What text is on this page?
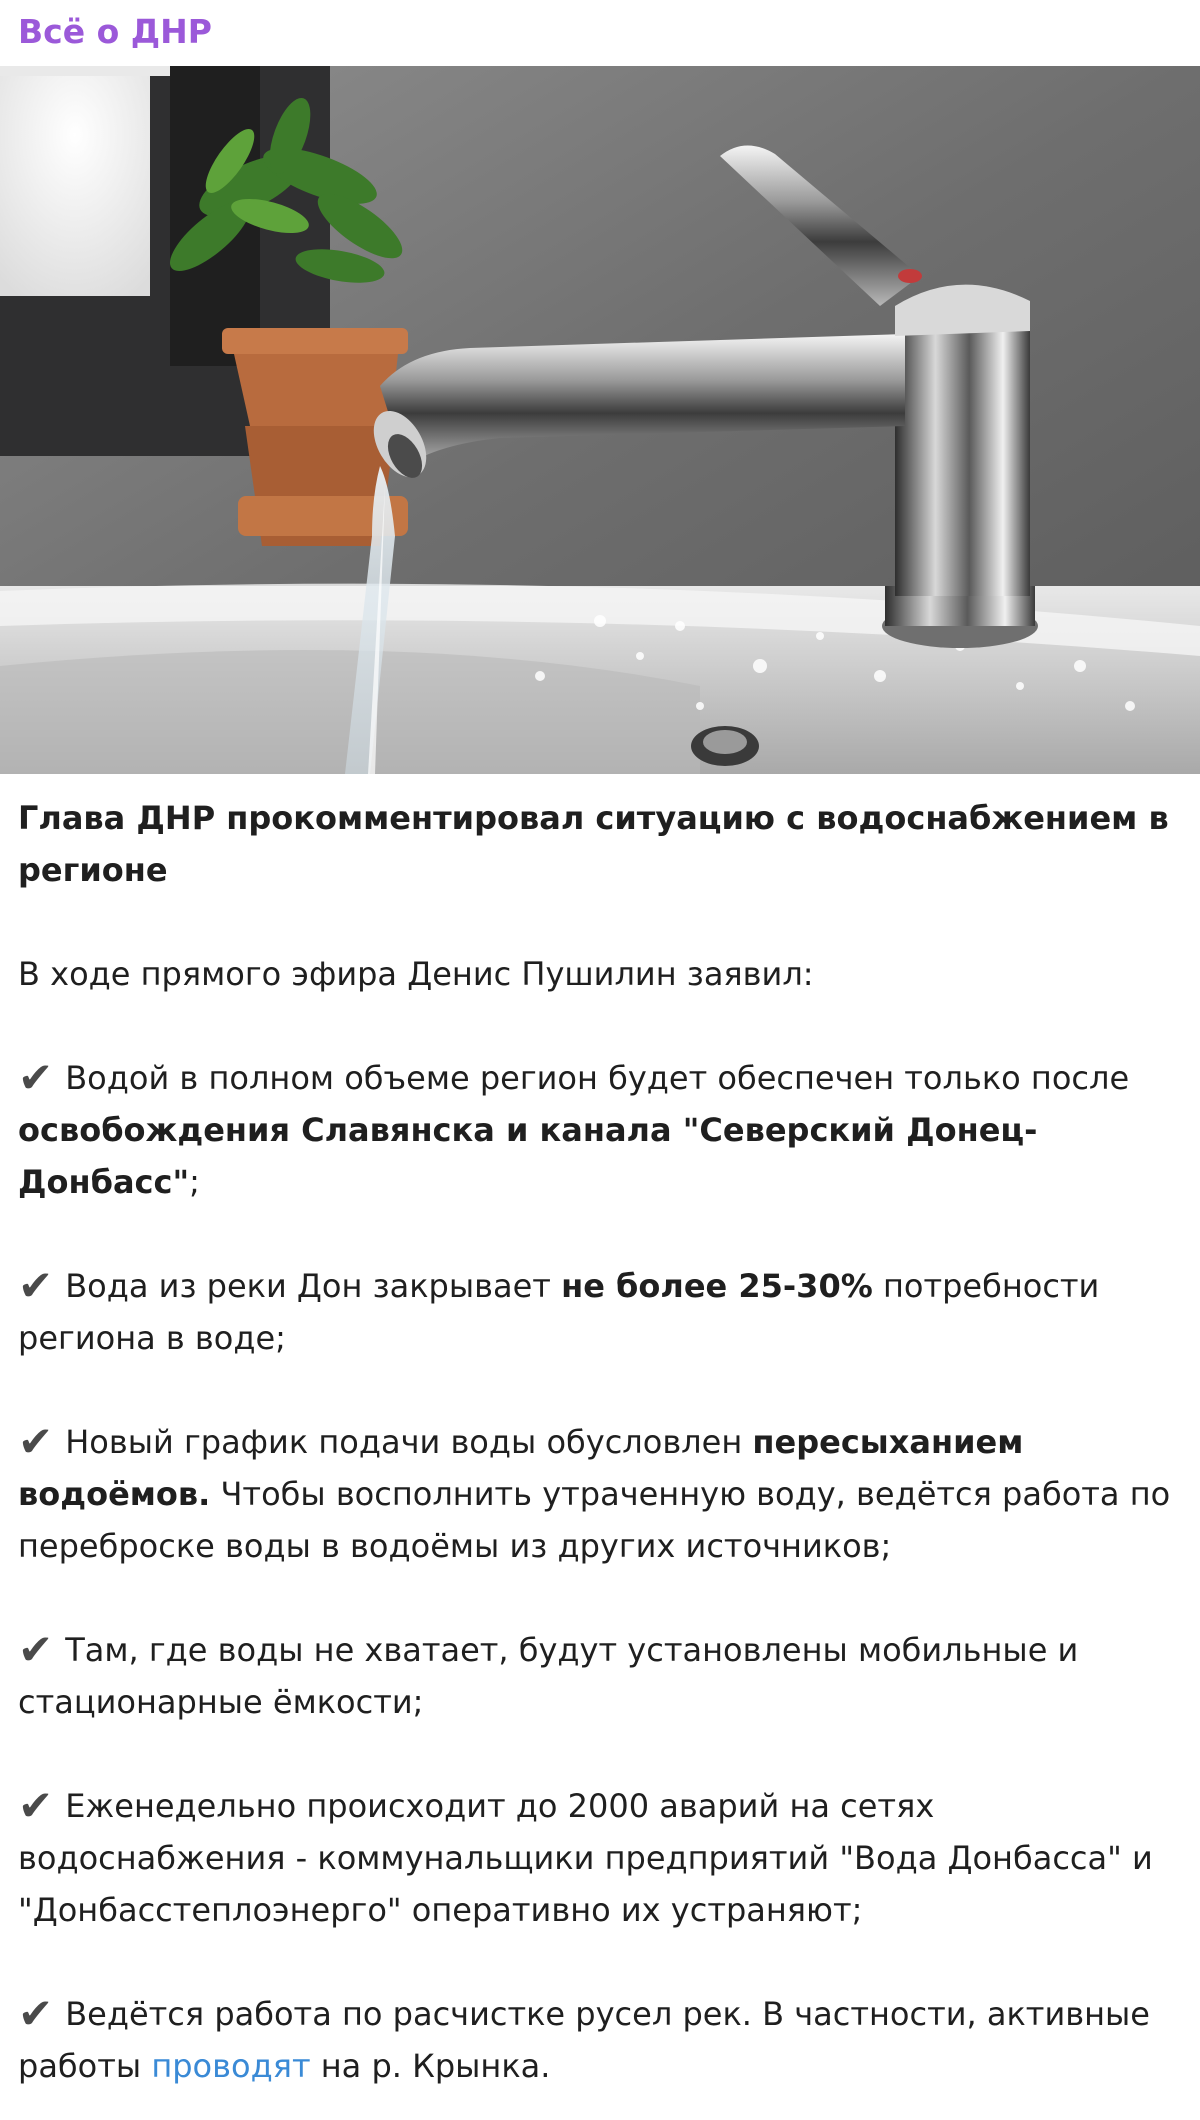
Всё о ДНР

Глава ДНР прокомментировал ситуацию с водоснабжением в регионе

В ходе прямого эфира Денис Пушилин заявил:

✔ Водой в полном объеме регион будет обеспечен только после освобождения Славянска и канала "Северский Донец-Донбасс";

✔ Вода из реки Дон закрывает не более 25-30% потребности региона в воде;

✔ Новый график подачи воды обусловлен пересыханием водоёмов. Чтобы восполнить утраченную воду, ведётся работа по переброске воды в водоёмы из других источников;

✔ Там, где воды не хватает, будут установлены мобильные и стационарные ёмкости;

✔ Еженедельно происходит до 2000 аварий на сетях водоснабжения - коммунальщики предприятий "Вода Донбасса" и "Донбасстеплоэнерго" оперативно их устраняют;

✔ Ведётся работа по расчистке русел рек. В частности, активные работы проводят на р. Крынка.
